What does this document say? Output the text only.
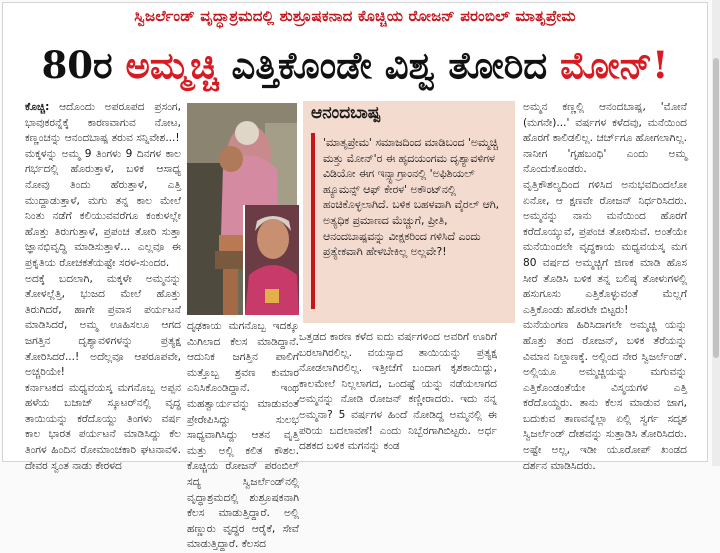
ಸ್ವಿಜರ್ಲೆಂಡ್ ವೃದ್ಧಾಶ್ರಮದಲ್ಲಿ ಶುಶ್ರೂಷಕನಾದ ಕೊಚ್ಚಿಯ ರೋಜನ್ ಪರಂಬಿಲ್ ಮಾತೃಪ್ರೇಮ
80ರ ಅಮ್ಮಚ್ಚಿ ಎತ್ತಿಕೊಂಡೇ ವಿಶ್ವ ತೋರಿದ ಮೋನ್!

ಕೊಚ್ಚಿ: ಆದೊಂದು ಅಪರೂಪದ ಪ್ರಸಂಗ, ಭಾವುಕರನ್ನೆಕ್ಕೆ ಕಾರಣವಾಗುವ ನೋಟ, ಕಣ್ಣಂಚನ್ನು ಆನಂದಬಾಷ್ಪ ತರುವ ಸನ್ನಿವೇಶ...!

ಮಕ್ಕಳನ್ನು ಅಮ್ಮ 9 ತಿಂಗಳು 9 ದಿನಗಳ ಕಾಲ ಗರ್ಭದಲ್ಲಿ ಹೊರುತ್ತಾಳೆ, ಬಳಿಕ ಆಸಾಧ್ಯ ನೋವು ತಿಂದು ಹೆರುತ್ತಾಳೆ, ಎತ್ತಿ ಮುದ್ದಾಡುತ್ತಾಳೆ, ಮಗು ತನ್ನ ಕಾಲ ಮೇಲೆ ನಿಂತು ನಡೆಗೆ ಕಲಿಯುವವರೆಗೂ ಕಂಕುಳಲ್ಲೇ ಹೊತ್ತು ತಿರುಗುತ್ತಾಳೆ, ಪ್ರಪಂಚ ತೋರಿ ಸುತ್ತಾ ಜ್ಞಾನಭಿವೃದ್ಧಿ ಮಾಡಿಸುತ್ತಾಳೆ... ಎಲ್ಲವೂ ಈ ಪ್ರಕೃತಿಯ ರೋಚಕತೆಯಷ್ಟೇ ಸರಳ-ಸುಂದರ.

ಅದಕ್ಕೆ ಬದಲಾಗಿ, ಮಕ್ಕಳೇ ಅಮ್ಮನನ್ನು ತೋಳಲ್ಲೆತ್ತಿ, ಭುಜದ ಮೇಲೆ ಹೊತ್ತು ತಿರುಗಿದರೆ, ಹಾಗೇ ಪ್ರವಾಸ ಪರ್ಯಟನೆ ಮಾಡಿಸಿದರೆ, ಅಮ್ಮ ಊಹಿಸಲೂ ಆಗದ ಜಗತ್ತಿನ ದೃಶ್ಯಾವಳಿಗಳನ್ನು ಪ್ರತ್ಯಕ್ಷ ತೋರಿಸಿದರೆ...! ಅದೆಲ್ಲವೂ ಆಪರೂಪವೇ, ಅಚ್ಚರಿಯೇ!

ಕರ್ನಾಟಕದ ಮಧ್ಯವಯಸ್ಕ ಮಗನೊಬ್ಬ ಅಪ್ಪನ ಹಳೆಯ ಬಜಾಜ್ ಸ್ಕೂಟರ್‌ನಲ್ಲಿ ವೃದ್ಧ ತಾಯಿಯನ್ನು ಕರೆದೊಯ್ದು ತಿಂಗಳು ವರ್ಷ ಕಾಲ ಭಾರತ ಪರ್ಯಟನೆ ಮಾಡಿಸಿದ್ದು ಕೆಲ ತಿಂಗಳ ಹಿಂದಿನ ರೋಮಾಂಚಕಾರಿ ಘಟನಾವಳಿ. ದೇವರ ಸ್ವಂತ ನಾಡು ಕೇರಳದ

ದೃಢಕಾಯ ಮಗನೊಬ್ಬ ಇದಕ್ಕೂ ಮಿಗಿಲಾದ ಕೆಲಸ ಮಾಡಿದ್ದಾನೆ. ಆದುನಿಕ ಜಗತ್ತಿನ ಪಾಲಿಗೆ ಮತ್ತೊಬ್ಬ ಶ್ರವಣ ಕುಮಾರ ಎನಿಸಿಕೊಂಡಿದ್ದಾನೆ. ಇಂಥ ಮಹತ್ವಾರ್ಯವನ್ನು ಮಾಡುವಂತೆ ಪ್ರೇರೇಪಿಸಿದ್ದು ಸುಲಭ ಸಾಧ್ಯವಾಗಿಸಿದ್ದು ಆತನ ವೃತ್ತಿ ಮತ್ತು ಅಲ್ಲಿ ಕಲಿತ ಕೌಶಲ. ಕೊಚ್ಚಿಯ ರೋಜನ್ ಪರಂಬಿಲ್ ಸದ್ಯ ಸ್ವಿಜರ್ಲೆಂಡ್‌ನಲ್ಲಿ ವೃದ್ಧಾಶ್ರಮದಲ್ಲಿ ಶುಶ್ರೂಷಕನಾಗಿ ಕೆಲಸ ಮಾಡುತ್ತಿದ್ದಾರೆ. ಅಲ್ಲಿ ಹಣ್ಣುರು ವೃದ್ಧರ ಆರೈಕೆ, ಸೇವೆ ಮಾಡುತ್ತಿದ್ದಾರೆ. ಕೆಲಸದ
ಆನಂದಬಾಷ್ಪ
'ಮಾತೃಪ್ರೇಮ' ಸಮಾಜದಿಂದ ಮಾಡಿಬಂದ 'ಅಮ್ಮಚ್ಚಿ ಮತ್ತು ಮೋನ್'ರ ಈ ಹೃದಯಂಗಮ ದೃಶ್ಯಾವಳಿಗಳ ವಿಡಿಯೋ ಈಗ ಇನ್ಸ್ಟಾಗ್ರಾಂನಲ್ಲಿ 'ಅಫಿಶಿಯಲ್ ಹ್ಯೂಮನ್ಸ್ ಆಫ್ ಕೇರಳ' ಅಕೌಂಟ್‌ನಲ್ಲಿ ಹಂಚಿಕೊಳ್ಳಲಾಗಿದೆ. ಬಳಿಕ ಬಹಳವಾಗಿ ವೈರಲ್ ಆಗಿ, ಅತ್ಯಧಿಕ ಪ್ರಮಾಣದ ಮೆಚ್ಚುಗೆ, ಪ್ರೀತಿ, ಆನಂದಬಾಷ್ಪವನ್ನು ವೀಕ್ಷಕರಿಂದ ಗಳಿಸಿದೆ ಎಂದು ಪ್ರತ್ಯೇಕವಾಗಿ ಹೇಳಬೇಕಿಲ್ಲ ಅಲ್ಲವೇ?!
ಒತ್ತಡದ ಕಾರಣ ಕಳೆದ ಐದು ವರ್ಷಗಳಿಂದ ಅವರಿಗೆ ಊರಿಗೆ ಬರಲಾಗಿರಲಿಲ್ಲ. ವಯಸ್ಸಾದ ತಾಯಿಯನ್ನು ಪ್ರತ್ಯಕ್ಷ ನೋಡಲಾಗಿರಲಿಲ್ಲ. ಇತ್ತೀಚೆಗೆ ಬಂದಾಗ ಕೃಶಕಾಯಿದ್ದು, ಕಾಲಮೇಲೆ ನಿಲ್ಲಲಾಗದ, ಒಂದಷ್ಟೆ ಯನ್ನು ನಡೆಯಲಾಗದ ಅಮ್ಮನನ್ನು ನೋಡಿ ರೋಜನ್ ಕಣ್ಣೀರಾದರು. ಇದು ನನ್ನ ಅಮ್ಮನಾ? 5 ವರ್ಷಗಳ ಹಿಂದೆ ನೋಡಿದ್ದ ಅಮ್ಮನಲ್ಲಿ ಈ ಪರಿಯ ಬದಲಾವಣೆ! ಎಂದು ನಿಬ್ಬೆರಗಾಗಿಬಿಟ್ಟರು. ಅರ್ಧ ದಶಕದ ಬಳಿಕ ಮಗನನ್ನು ಕಂಡ

ಅಮ್ಮನ ಕಣ್ಣಲ್ಲಿ ಆನಂದಬಾಷ್ಪ, 'ಮೋನೆ (ಮಗನೇ)...' ವರ್ಷಗಳ ಕಳೆದವು, ಮನೆಯಿಂದ ಹೊರಗೆ ಕಾಲಿಡಲಿಲ್ಲ. ಚರ್ಚ್‌ಗೂ ಹೋಗಲಾಗಿಲ್ಲ. ನಾನೀಗ 'ಗೃಹಬಂಧಿ' ಎಂದು ಅಮ್ಮ ನೊಂದುಕೊಂಡರು.

ವೃತ್ತಿಕೌಶಲ್ಯದಿಂದ ಗಳಿಸಿದ ಅನುಭವದಿಂದಲೋ ಏನೋ, ಆ ಕ್ಷಣವೇ ರೋಜನ್ ನಿರ್ಧರಿಸಿದರು. ಅಮ್ಮನನ್ನು ನಾನು ಮನೆಯಿಂದ ಹೊರಗೆ ಕರೆದೊಯ್ಯುವೆ, ಪ್ರಪಂಚ ತೋರಿಸುವೆ. ಅಂತೆಯೇ ಮನೆಯಿಂದಲೇ ವೃದ್ಧಕಾಯ ಮಧ್ಯವಯಸ್ಕ ಮಗ 80 ವರ್ಷದ ಅಮ್ಮಚ್ಚಿಗೆ ಜಿಣಕ ಮಾಡಿ ಹೊಸ ಸೀರೆ ತೊಡಿಸಿ ಬಳಿಕ ತನ್ನ ಬಲಿಷ್ಠ ತೋಳುಗಳಲ್ಲಿ ಹಸುಗೂಸು ಎತ್ತಿಕೊಳ್ಳುವಂತೆ ಮೆಲ್ಲಗೆ ಎತ್ತಿಕೊಂಡು ಹೊರಟೇ ಬಿಟ್ಟರು!

ಮನೆಯಂಗಣ ಹಿರಿಸಿದಾಗಲೇ ಅಮ್ಮಚ್ಚಿ ಯನ್ನು ಹೊತ್ತು ತಂದ ರೋಜನ್, ಬಳಿಕ ತೆರೆಯನ್ನು ವಿಮಾನ ನಿಲ್ದಾಣಕ್ಕೆ. ಅಲ್ಲಿಂದ ನೇರ ಸ್ವಿಜರ್ಲೆಂಡ್. ಅಲ್ಲಿಯೂ ಅಮ್ಮಚ್ಚಿಯನ್ನು ಮಗುವನ್ನು ಎತ್ತಿಕೊಂಡಂತೆಯೇ ವಿಸ್ಮಯಗಳ ಎತ್ತಿ ಕರೆದೊಯ್ದರು. ತಾನು ಕೆಲಸ ಮಾಡುವ ಜಾಗ, ಬದುಕುವ ತಾಣವನ್ನೆಲ್ಲಾ ಏಲ್ಲಿ ಸ್ವರ್ಗ ಸದೃಶ ಸ್ವಿಜರ್ಲೆಂಡ್ ದೇಶವನ್ನು ಸುತ್ತಾಡಿಸಿ ತೋರಿಸಿದರು. ಅಷ್ಟೇ ಅಲ್ಲ, ಇಡೀ ಯೂರೋಪ್ ಖಂಡದ ದರ್ಶನ ಮಾಡಿಸಿದರು.
